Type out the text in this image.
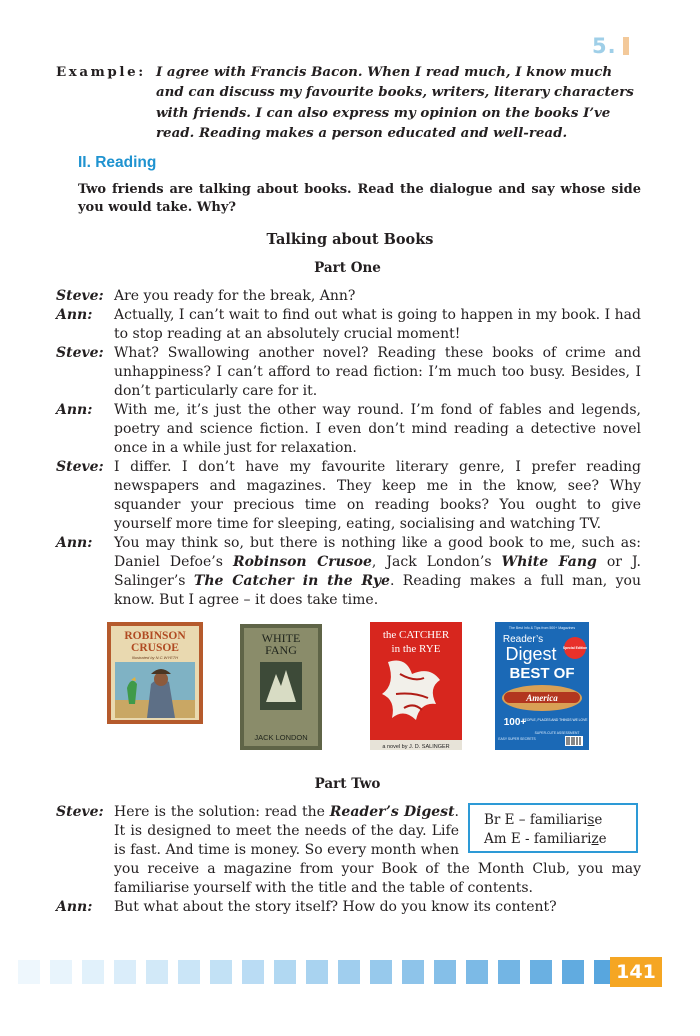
5.
Example: I agree with Francis Bacon. When I read much, I know much and can discuss my favourite books, writers, literary characters with friends. I can also express my opinion on the books I’ve read. Reading makes a person educated and well-read.
II. Reading
Two friends are talking about books. Read the dialogue and say whose side you would take. Why?
Talking about Books
Part One
Steve: Are you ready for the break, Ann?
Ann: Actually, I can’t wait to find out what is going to happen in my book. I had to stop reading at an absolutely crucial moment!
Steve: What? Swallowing another novel? Reading these books of crime and unhappiness? I can’t afford to read fiction: I’m much too busy. Besides, I don’t particularly care for it.
Ann: With me, it’s just the other way round. I’m fond of fables and legends, poetry and science fiction. I even don’t mind reading a detective novel once in a while just for relaxation.
Steve: I differ. I don’t have my favourite literary genre, I prefer reading newspapers and magazines. They keep me in the know, see? Why squander your precious time on reading books? You ought to give yourself more time for sleeping, eating, socialising and watching TV.
Ann: You may think so, but there is nothing like a good book to me, such as: Daniel Defoe’s Robinson Crusoe, Jack London’s White Fang or J. Salinger’s The Catcher in the Rye. Reading makes a full man, you know. But I agree – it does take time.
ROBINSON
CRUSOE
Illustrated by N.C.WYETH
WHITE
FANG
JACK LONDON
the CATCHER
in the RYE
a novel by J. D. SALINGER
The Best Info & Tips from 500+ Magazines
Reader’s
Digest Special Edition
BEST OF
America
100+
PEOPLE, PLACES AND THINGS WE LOVE
EASY SUPER SECRETS
SUPER-CUTE ASSESSMENT
Part Two
Steve: Here is the solution: read the Reader’s Digest. It is designed to meet the needs of the day. Life is fast. And time is money. So every month when you receive a magazine from your Book of the Month Club, you may familiarise yourself with the title and the table of contents.
Ann: But what about the story itself? How do you know its content?
Br E – familiarise
Am E - familiarize
141
